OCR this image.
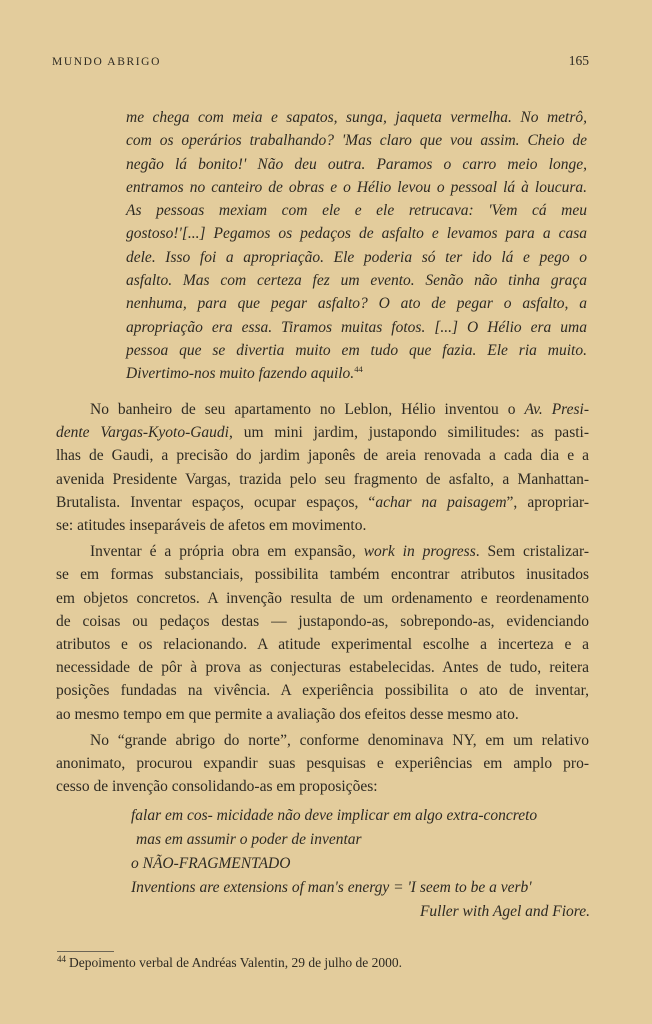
MUNDO ABRIGO	165
me chega com meia e sapatos, sunga, jaqueta vermelha. No metrô,
com os operários trabalhando? 'Mas claro que vou assim. Cheio de
negão lá bonito!' Não deu outra. Paramos o carro meio longe,
entramos no canteiro de obras e o Hélio levou o pessoal lá à loucura.
As pessoas mexiam com ele e ele retrucava: 'Vem cá meu
gostoso!'[...] Pegamos os pedaços de asfalto e levamos para a casa
dele. Isso foi a apropriação. Ele poderia só ter ido lá e pego o
asfalto. Mas com certeza fez um evento. Senão não tinha graça
nenhuma, para que pegar asfalto? O ato de pegar o asfalto, a
apropriação era essa. Tiramos muitas fotos. [...] O Hélio era uma
pessoa que se divertia muito em tudo que fazia. Ele ria muito.
Divertimo-nos muito fazendo aquilo.$^{44}$
No banheiro de seu apartamento no Leblon, Hélio inventou o Av. Presi-
dente Vargas-Kyoto-Gaudi, um mini jardim, justapondo similitudes: as pasti-
lhas de Gaudi, a precisão do jardim japonês de areia renovada a cada dia e a
avenida Presidente Vargas, trazida pelo seu fragmento de asfalto, a Manhattan-
Brutalista. Inventar espaços, ocupar espaços, “achar na paisagem”, apropriar-
se: atitudes inseparáveis de afetos em movimento.
Inventar é a própria obra em expansão, work in progress. Sem cristalizar-
se em formas substanciais, possibilita também encontrar atributos inusitados
em objetos concretos. A invenção resulta de um ordenamento e reordenamento
de coisas ou pedaços destas — justapondo-as, sobrepondo-as, evidenciando
atributos e os relacionando. A atitude experimental escolhe a incerteza e a
necessidade de pôr à prova as conjecturas estabelecidas. Antes de tudo, reitera
posições fundadas na vivência. A experiência possibilita o ato de inventar,
ao mesmo tempo em que permite a avaliação dos efeitos desse mesmo ato.
No “grande abrigo do norte”, conforme denominava NY, em um relativo
anonimato, procurou expandir suas pesquisas e experiências em amplo pro-
cesso de invenção consolidando-as em proposições:
falar em cos- micidade não deve implicar em algo extra-concreto
mas em assumir o poder de inventar
o NÃO-FRAGMENTADO
Inventions are extensions of man's energy = 'I seem to be a verb'
Fuller with Agel and Fiore.
$^{44}$ Depoimento verbal de Andréas Valentin, 29 de julho de 2000.
